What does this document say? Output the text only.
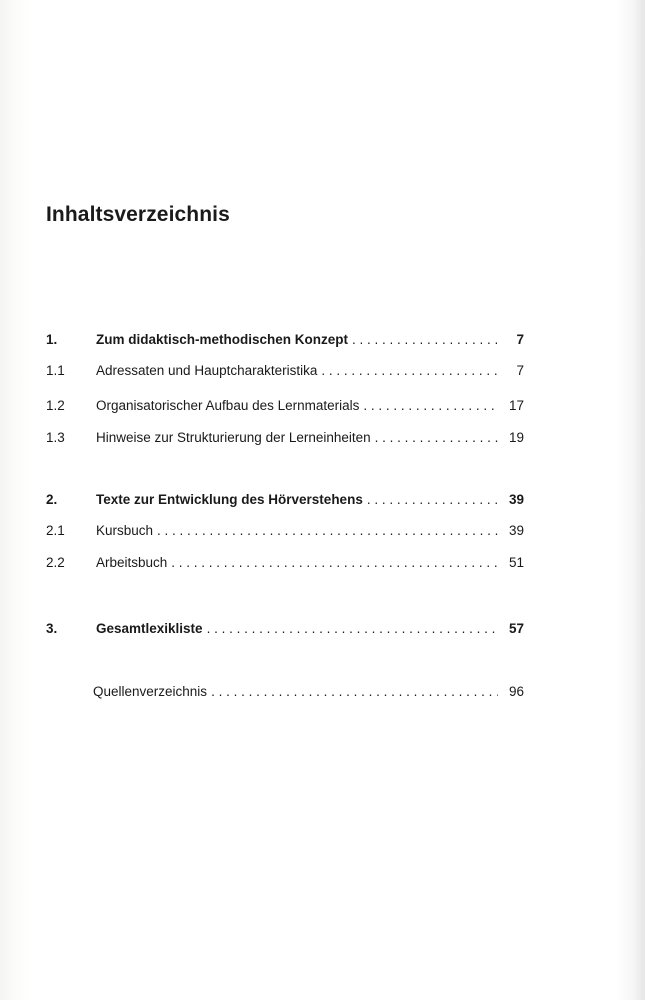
Inhaltsverzeichnis
1.	Zum didaktisch-methodischen Konzept . . .	7
1.1 Adressaten und Hauptcharakteristika . . .	7
1.2 Organisatorischer Aufbau des Lernmaterials . . .	17
1.3 Hinweise zur Strukturierung der Lerneinheiten . . .	19
2.	Texte zur Entwicklung des Hörverstehens . . .	39
2.1 Kursbuch . . .	39
2.2 Arbeitsbuch . . .	51
3.	Gesamtlexikliste . . .	57
Quellenverzeichnis . . .	96
